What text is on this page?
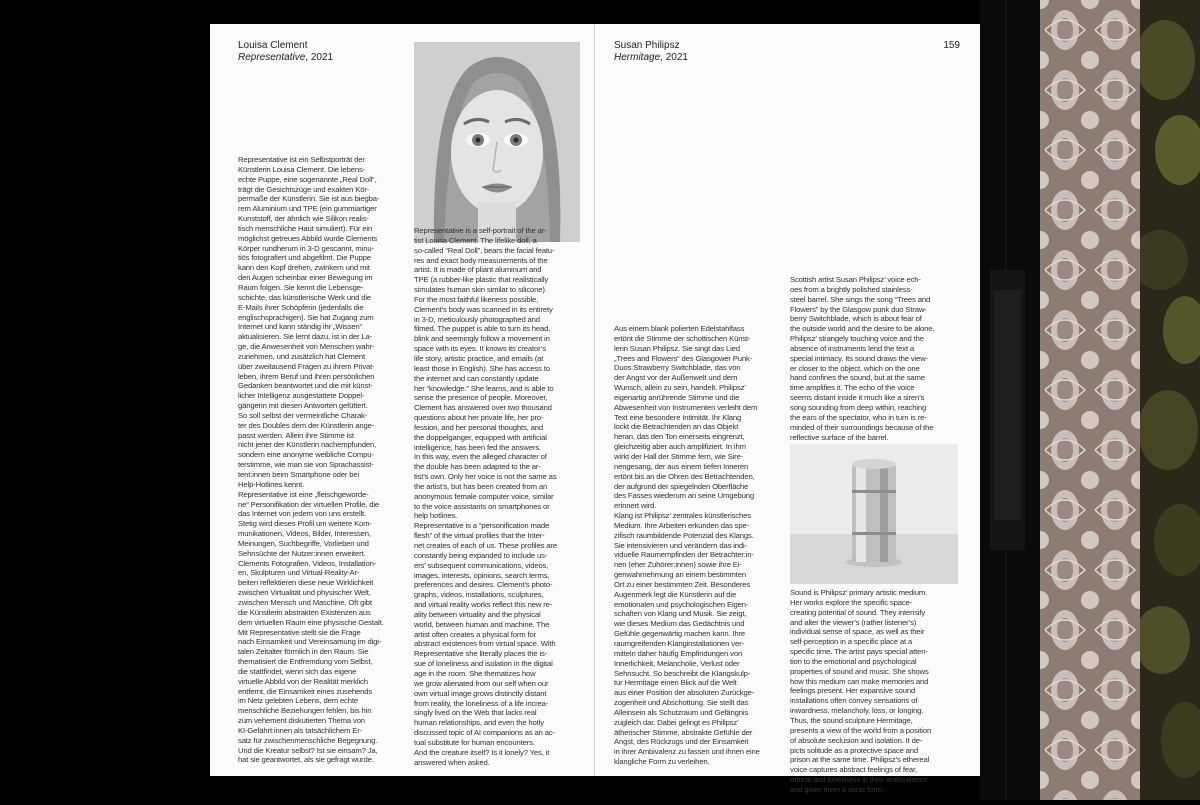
Louisa Clement
Representative, 2021

Representative ist ein Selbstporträt der

Künstlerin Louisa Clement. Die lebens-

echte Puppe, eine sogenannte „Real Doll“,

trägt die Gesichtszüge und exakten Kör-

permaße der Künstlerin. Sie ist aus biegba-

rem Aluminium und TPE (ein gummiartiger

Kunststoff, der ähnlich wie Silikon realis-

tisch menschliche Haut simuliert). Für ein

möglichst getreues Abbild wurde Clements

Körper rundherum in 3-D gescannt, minu-

tiös fotografiert und abgefilmt. Die Puppe

kann den Kopf drehen, zwinkern und mit

den Augen scheinbar einer Bewegung im

Raum folgen. Sie kennt die Lebensge-

schichte, das künstlerische Werk und die

E-Mails ihrer Schöpferin (jedenfalls die

englischsprachigen). Sie hat Zugang zum

Internet und kann ständig ihr „Wissen“

aktualisieren. Sie lernt dazu, ist in der La-

ge, die Anwesenheit von Menschen wahr-

zunehmen, und zusätzlich hat Clement

über zweitausend Fragen zu ihrem Privat-

leben, ihrem Beruf und ihren persönlichen

Gedanken beantwortet und die mit künst-

licher Intelligenz ausgestattete Doppel-

gängerin mit diesen Antworten gefüttert.

So soll selbst der vermeintliche Charak-

ter des Doubles dem der Künstlerin ange-

passt werden. Allein ihre Stimme ist

nicht jener der Künstlerin nachempfunden,

sondern eine anonyme weibliche Compu-

terstimme, wie man sie von Sprachassist-

tent:innen beim Smartphone oder bei

Help-Hotlines kennt.

Representative ist eine „fleischgeworde-

ne“ Personifikation der virtuellen Profile, die

das Internet von jedem von uns erstellt.

Stetig wird dieses Profil um weitere Kom-

munikationen, Videos, Bilder, Interessen,

Meinungen, Suchbegriffe, Vorlieben und

Sehnsüchte der Nutzer:innen erweitert.

Clements Fotografien, Videos, Installation-

en, Skulpturen und Virtual-Reality-Ar-

beiten reflektieren diese neue Wirklichkeit

zwischen Virtualität und physischer Welt,

zwischen Mensch und Maschine. Oft gibt

die Künstlerin abstrakten Existenzen aus

dem virtuellen Raum eine physische Gestalt.

Mit Representative stellt sie die Frage

nach Einsamkeit und Vereinsamung im digi-

talen Zeitalter förmlich in den Raum. Sie

thematisiert die Entfremdung vom Selbst,

die stattfindet, wenn sich das eigene

virtuelle Abbild von der Realität merklich

entfernt, die Einsamkeit eines zusehends

im Netz gelebten Lebens, dem echte

menschliche Beziehungen fehlen, bis hin

zum vehement diskutierten Thema von

KI-Gefährt:innen als tatsächlichem Er-

satz für zwischenmenschliche Begegnung.

Und die Kreatur selbst? Ist sie einsam? Ja,

hat sie geantwortet, als sie gefragt wurde.

Representative is a self-portrait of the ar-

tist Louisa Clement. The lifelike doll, a

so-called “Real Doll”, bears the facial featu-

res and exact body measurements of the

artist. It is made of pliant aluminum and

TPE (a rubber-like plastic that realistically

simulates human skin similar to silicone).

For the most faithful likeness possible,

Clement’s body was scanned in its entirety

in 3-D, meticulously photographed and

filmed. The puppet is able to turn its head,

blink and seemingly follow a movement in

space with its eyes. It knows its creator’s

life story, artistic practice, and emails (at

least those in English). She has access to

the internet and can constantly update

her “knowledge.” She learns, and is able to

sense the presence of people. Moreover,

Clement has answered over two thousand

questions about her private life, her pro-

fession, and her personal thoughts, and

the doppelganger, equipped with artificial

intelligence, has been fed the answers.

In this way, even the alleged character of

the double has been adapted to the ar-

tist’s own. Only her voice is not the same as

the artist’s, but has been created from an

anonymous female computer voice, similar

to the voice assistants on smartphones or

help hotlines.

Representative is a “personification made

flesh” of the virtual profiles that the Inter-

net creates of each of us. These profiles are

constantly being expanded to include us-

ers’ subsequent communications, videos,

images, interests, opinions, search terms,

preferences and desires. Clement’s photo-

graphs, videos, installations, sculptures,

and virtual reality works reflect this new re-

ality between virtuality and the physical

world, between human and machine. The

artist often creates a physical form for

abstract existences from virtual space. With

Representative she literally places the is-

sue of loneliness and isolation in the digital

age in the room. She thematizes how

we grow alienated from our self when our

own virtual image grows distinctly distant

from reality, the loneliness of a life increa-

singly lived on the Web that lacks real

human relationships, and even the hotly

discussed topic of AI companions as an ac-

tual substitute for human encounters.

And the creature itself? Is it lonely? Yes, it

answered when asked.

Susan Philipsz
Hermitage, 2021
159

Aus einem blank polierten Edelstahlfass

ertönt die Stimme der schottischen Künst-

lerin Susan Philipsz. Sie singt das Lied

„Trees and Flowers“ des Glasgower Punk-

Duos Strawberry Switchblade, das von

der Angst vor der Außenwelt und dem

Wunsch, allein zu sein, handelt. Philipsz’

eigenartig anrührende Stimme und die

Abwesenheit von Instrumenten verleiht dem

Text eine besondere Intimität. Ihr Klang

lockt die Betrachtenden an das Objekt

heran, das den Ton einerseits eingrenzt,

gleichzeitig aber auch amplifiziert. In ihm

wirkt der Hall der Stimme fern, wie Sire-

nengesang, der aus einem tiefen Inneren

ertönt bis an die Ohren des Betrachtenden,

der aufgrund der spiegelnden Oberfläche

des Fasses wiederum an seine Umgebung

erinnert wird.

Klang ist Philipsz’ zentrales künstlerisches

Medium. Ihre Arbeiten erkunden das spe-

zifisch raumbildende Potenzial des Klangs.

Sie intensivieren und verändern das indi-

viduelle Raumempfinden der Betrachter:in-

nen (eher Zuhörer:innen) sowie ihre Ei-

genwahrnehmung an einem bestimmten

Ort zu einer bestimmten Zeit. Besonderes

Augenmerk legt die Künstlerin auf die

emotionalen und psychologischen Eigen-

schaften von Klang und Musik. Sie zeigt,

wie dieses Medium das Gedächtnis und

Gefühle gegenwärtig machen kann. Ihre

raumgreifenden Klanginstallationen ver-

mitteln daher häufig Empfindungen von

Innerlichkeit, Melancholie, Verlust oder

Sehnsucht. So beschreibt die Klangskulp-

tur Hermitage einen Blick auf die Welt

aus einer Position der absoluten Zurückge-

zogenheit und Abschottung. Sie stellt das

Alleinsein als Schutzraum und Gefängnis

zugleich dar. Dabei gelingt es Philipsz’

ätherischer Stimme, abstrakte Gefühle der

Angst, des Rückzugs und der Einsamkeit

in ihrer Ambivalenz zu fassen und ihnen eine

klangliche Form zu verleihen.

Scottish artist Susan Philipsz’ voice ech-

oes from a brightly polished stainless-

steel barrel. She sings the song “Trees and

Flowers” by the Glasgow punk duo Straw-

berry Switchblade, which is about fear of

the outside world and the desire to be alone.

Philipsz’ strangely touching voice and the

absence of instruments lend the text a

special intimacy. Its sound draws the view-

er closer to the object, which on the one

hand confines the sound, but at the same

time amplifies it. The echo of the voice

seems distant inside it much like a siren’s

song sounding from deep within, reaching

the ears of the spectator, who in turn is re-

minded of their surroundings because of the

reflective surface of the barrel.

Sound is Philipsz’ primary artistic medium.

Her works explore the specific space-

creating potential of sound. They intensify

and alter the viewer’s (rather listener’s)

individual sense of space, as well as their

self-perception in a specific place at a

specific time. The artist pays special atten-

tion to the emotional and psychological

properties of sound and music. She shows

how this medium can make memories and

feelings present. Her expansive sound

installations often convey sensations of

inwardness, melancholy, loss, or longing.

Thus, the sound sculpture Hermitage,

presents a view of the world from a position

of absolute seclusion and isolation. It de-

picts solitude as a protective space and

prison at the same time. Philipsz’s ethereal

voice captures abstract feelings of fear,

retreat and loneliness in their ambivalence

and gives them a sonic form.
